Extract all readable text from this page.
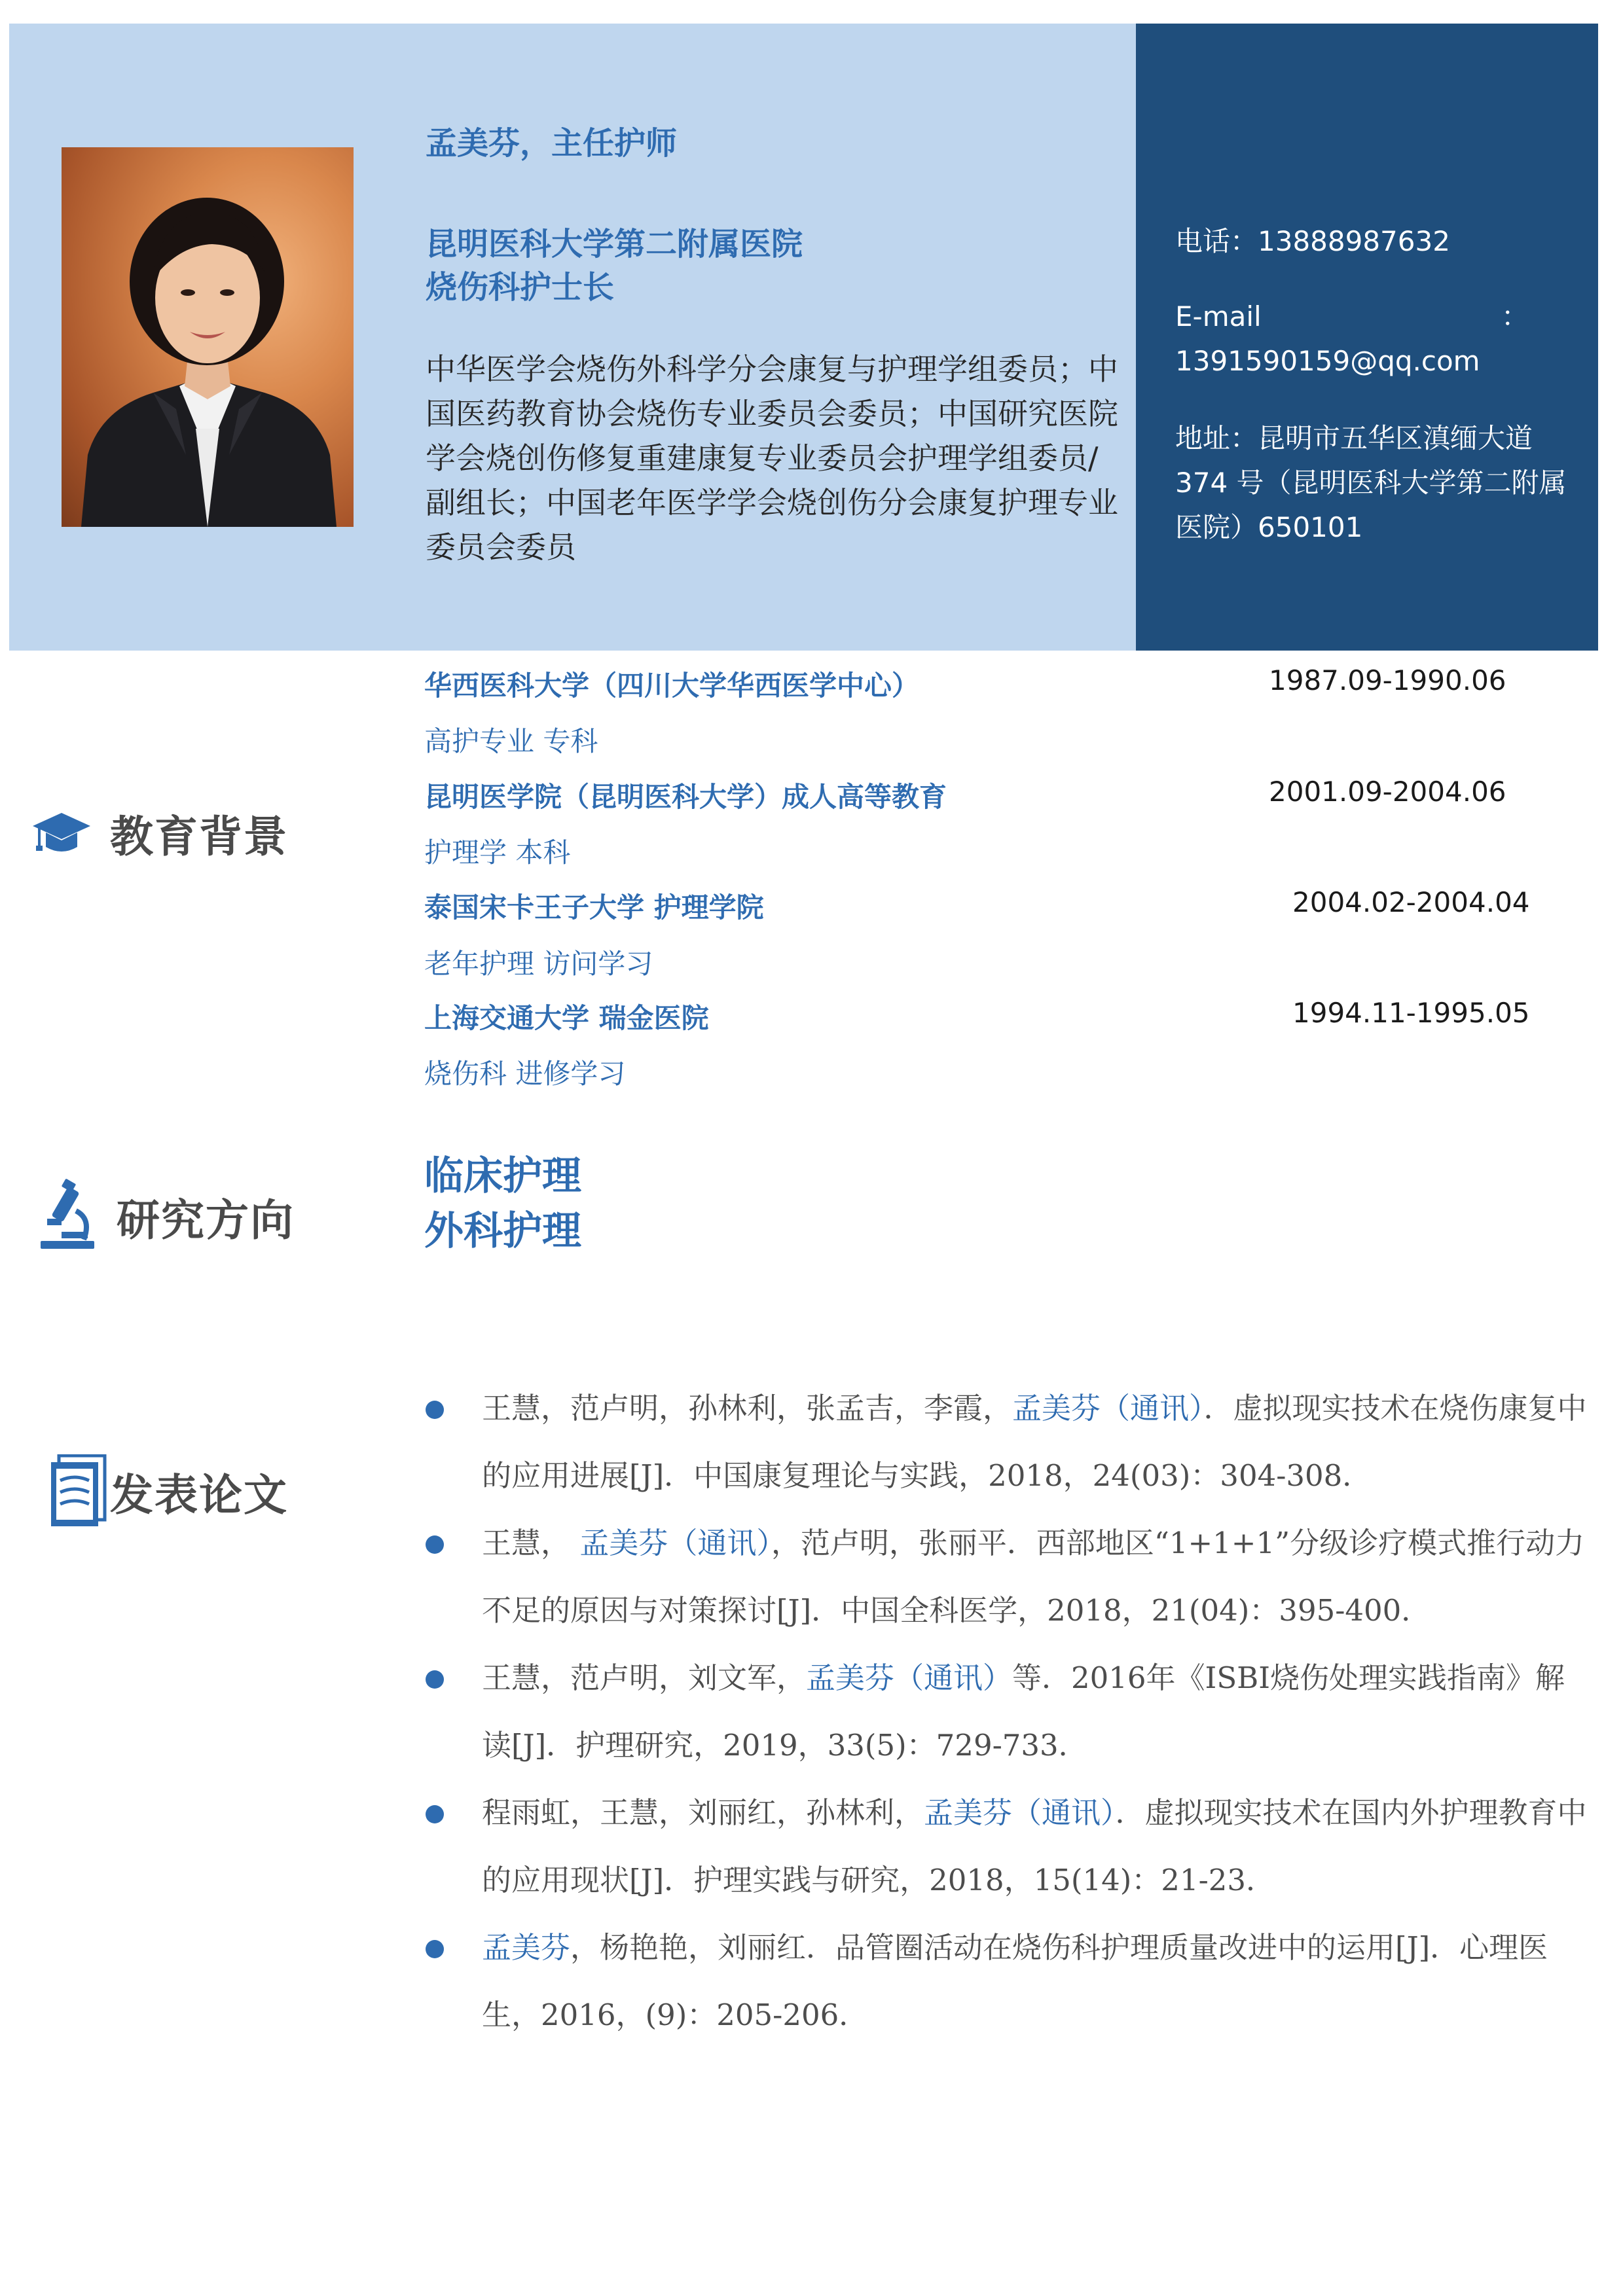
孟美芬，主任护师
昆明医科大学第二附属医院
烧伤科护士长
中华医学会烧伤外科学分会康复与护理学组委员；中国医药教育协会烧伤专业委员会委员；中国研究医院学会烧创伤修复重建康复专业委员会护理学组委员/副组长；中国老年医学学会烧创伤分会康复护理专业委员会委员
电话：13888987632
E-mail	：
1391590159@qq.com
地址：昆明市五华区滇缅大道374 号（昆明医科大学第二附属医院）650101
教育背景
华西医科大学（四川大学华西医学中心）	1987.09-1990.06
高护专业 专科
昆明医学院（昆明医科大学）成人高等教育	2001.09-2004.06
护理学 本科
泰国宋卡王子大学 护理学院	2004.02-2004.04
老年护理 访问学习
上海交通大学 瑞金医院	1994.11-1995.05
烧伤科 进修学习
研究方向
临床护理
外科护理
发表论文
王慧，范卢明，孙林利，张孟吉，李霞，孟美芬（通讯）．虚拟现实技术在烧伤康复中的应用进展[J]．中国康复理论与实践，2018，24(03)：304-308．
王慧， 孟美芬（通讯），范卢明，张丽平．西部地区“1+1+1”分级诊疗模式推行动力不足的原因与对策探讨[J]．中国全科医学，2018，21(04)：395-400．
王慧，范卢明，刘文军，孟美芬（通讯）等．2016年《ISBI烧伤处理实践指南》解读[J]．护理研究，2019，33(5)：729-733．
程雨虹，王慧，刘丽红，孙林利，孟美芬（通讯）．虚拟现实技术在国内外护理教育中的应用现状[J]．护理实践与研究，2018，15(14)：21-23．
孟美芬，杨艳艳，刘丽红．品管圈活动在烧伤科护理质量改进中的运用[J]．心理医生，2016，(9)：205-206．
